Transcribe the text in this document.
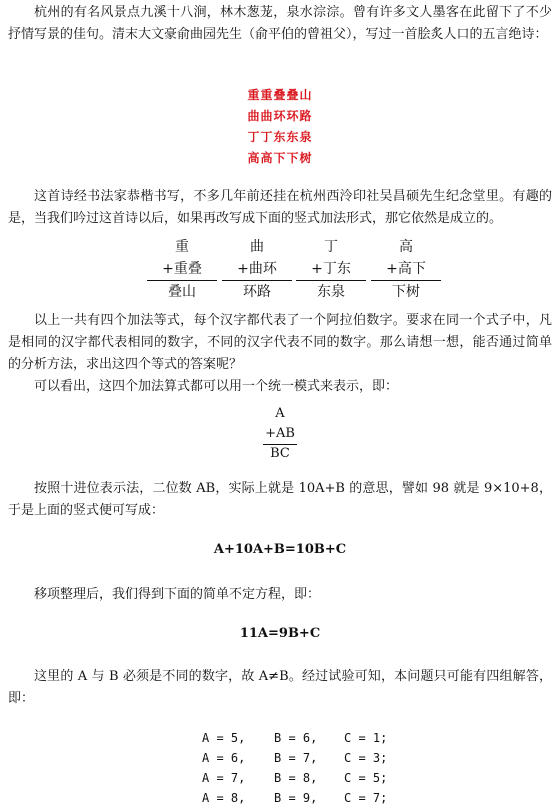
杭州的有名风景点九溪十八涧，林木葱茏，泉水淙淙。曾有许多文人墨客在此留下了不少抒情写景的佳句。清末大文豪俞曲园先生（俞平伯的曾祖父），写过一首脍炙人口的五言绝诗：

重重叠叠山
曲曲环环路
丁丁东东泉
高高下下树

这首诗经书法家恭楷书写，不多几年前还挂在杭州西泠印社吴昌硕先生纪念堂里。有趣的是，当我们吟过这首诗以后，如果再改写成下面的竖式加法形式，那它依然是成立的。

重
+重叠
叠山
曲
+曲环
环路
丁
+丁东
东泉
高
+高下
下树

以上一共有四个加法等式，每个汉字都代表了一个阿拉伯数字。要求在同一个式子中，凡是相同的汉字都代表相同的数字，不同的汉字代表不同的数字。那么请想一想，能否通过简单的分析方法，求出这四个等式的答案呢？

可以看出，这四个加法算式都可以用一个统一模式来表示，即：

A
+AB
BC

按照十进位表示法，二位数 AB，实际上就是 10A+B 的意思，譬如 98 就是 9×10+8，于是上面的竖式便可写成：

A+10A+B=10B+C

移项整理后，我们得到下面的简单不定方程，即：

11A=9B+C

这里的 A 与 B 必须是不同的数字，故 A≠B。经过试验可知，本问题只可能有四组解答，即：

A = 5, B = 6, C = 1;
A = 6, B = 7, C = 3;
A = 7, B = 8, C = 5;
A = 8, B = 9, C = 7;
